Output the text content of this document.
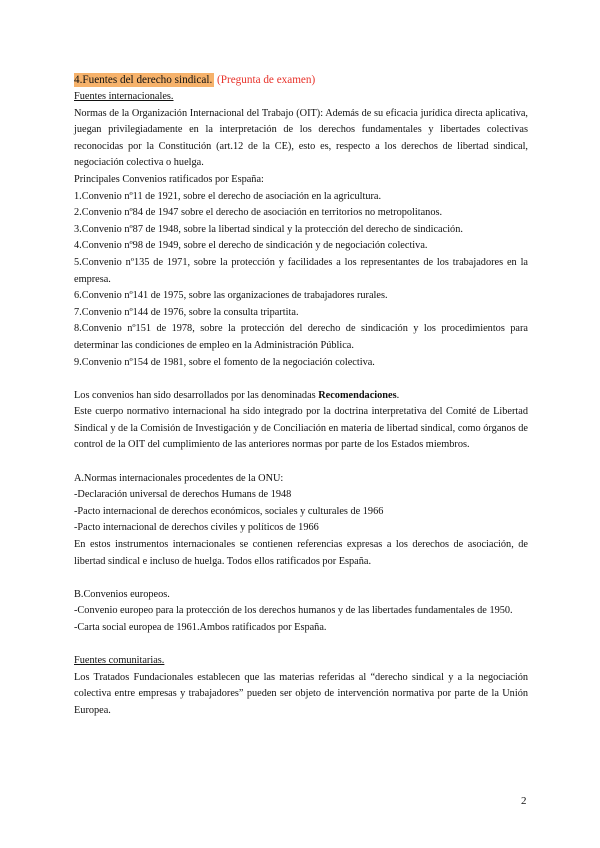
4.Fuentes del derecho sindical. (Pregunta de examen)

Fuentes internacionales.

Normas de la Organización Internacional del Trabajo (OIT): Además de su eficacia jurídica directa aplicativa, juegan privilegiadamente en la interpretación de los derechos fundamentales y libertades colectivas reconocidas por la Constitución (art.12 de la CE), esto es, respecto a los derechos de libertad sindical, negociación colectiva o huelga.

Principales Convenios ratificados por España:

1.Convenio nº11 de 1921, sobre el derecho de asociación en la agricultura.

2.Convenio nº84 de 1947 sobre el derecho de asociación en territorios no metropolitanos.

3.Convenio nº87 de 1948, sobre la libertad sindical y la protección del derecho de sindicación.

4.Convenio nº98 de 1949, sobre el derecho de sindicación y de negociación colectiva.

5.Convenio nº135 de 1971, sobre la protección y facilidades a los representantes de los trabajadores en la empresa.

6.Convenio nº141 de 1975, sobre las organizaciones de trabajadores rurales.

7.Convenio nº144 de 1976, sobre la consulta tripartita.

8.Convenio nº151 de 1978, sobre la protección del derecho de sindicación y los procedimientos para determinar las condiciones de empleo en la Administración Pública.

9.Convenio nº154 de 1981, sobre el fomento de la negociación colectiva.

Los convenios han sido desarrollados por las denominadas Recomendaciones.

Este cuerpo normativo internacional ha sido integrado por la doctrina interpretativa del Comité de Libertad Sindical y de la Comisión de Investigación y de Conciliación en materia de libertad sindical, como órganos de control de la OIT del cumplimiento de las anteriores normas por parte de los Estados miembros.

A.Normas internacionales procedentes de la ONU:

-Declaración universal de derechos Humans de 1948

-Pacto internacional de derechos económicos, sociales y culturales de 1966

-Pacto internacional de derechos civiles y políticos de 1966

En estos instrumentos internacionales se contienen referencias expresas a los derechos de asociación, de libertad sindical e incluso de huelga. Todos ellos ratificados por España.

B.Convenios europeos.

-Convenio europeo para la protección de los derechos humanos y de las libertades fundamentales de 1950.

-Carta social europea de 1961.Ambos ratificados por España.

Fuentes comunitarias.

Los Tratados Fundacionales establecen que las materias referidas al “derecho sindical y a la negociación colectiva entre empresas y trabajadores” pueden ser objeto de intervención normativa por parte de la Unión Europea.

2
